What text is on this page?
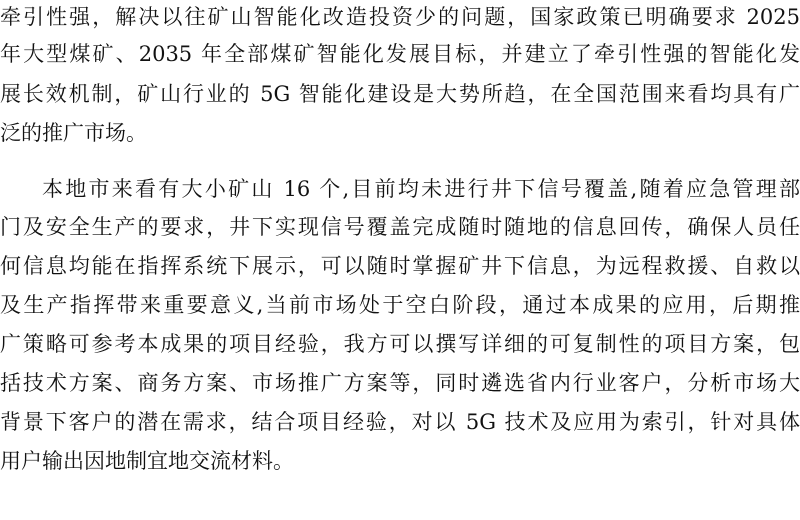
牵引性强，解决以往矿山智能化改造投资少的问题，国家政策已明确要求 2025
年大型煤矿、2035 年全部煤矿智能化发展目标，并建立了牵引性强的智能化发
展长效机制，矿山行业的 5G 智能化建设是大势所趋，在全国范围来看均具有广
泛的推广市场。
本地市来看有大小矿山 16 个,目前均未进行井下信号覆盖,随着应急管理部
门及安全生产的要求，井下实现信号覆盖完成随时随地的信息回传，确保人员任
何信息均能在指挥系统下展示，可以随时掌握矿井下信息，为远程救援、自救以
及生产指挥带来重要意义,当前市场处于空白阶段，通过本成果的应用，后期推
广策略可参考本成果的项目经验，我方可以撰写详细的可复制性的项目方案，包
括技术方案、商务方案、市场推广方案等，同时遴选省内行业客户，分析市场大
背景下客户的潜在需求，结合项目经验，对以 5G 技术及应用为索引，针对具体
用户输出因地制宜地交流材料。
